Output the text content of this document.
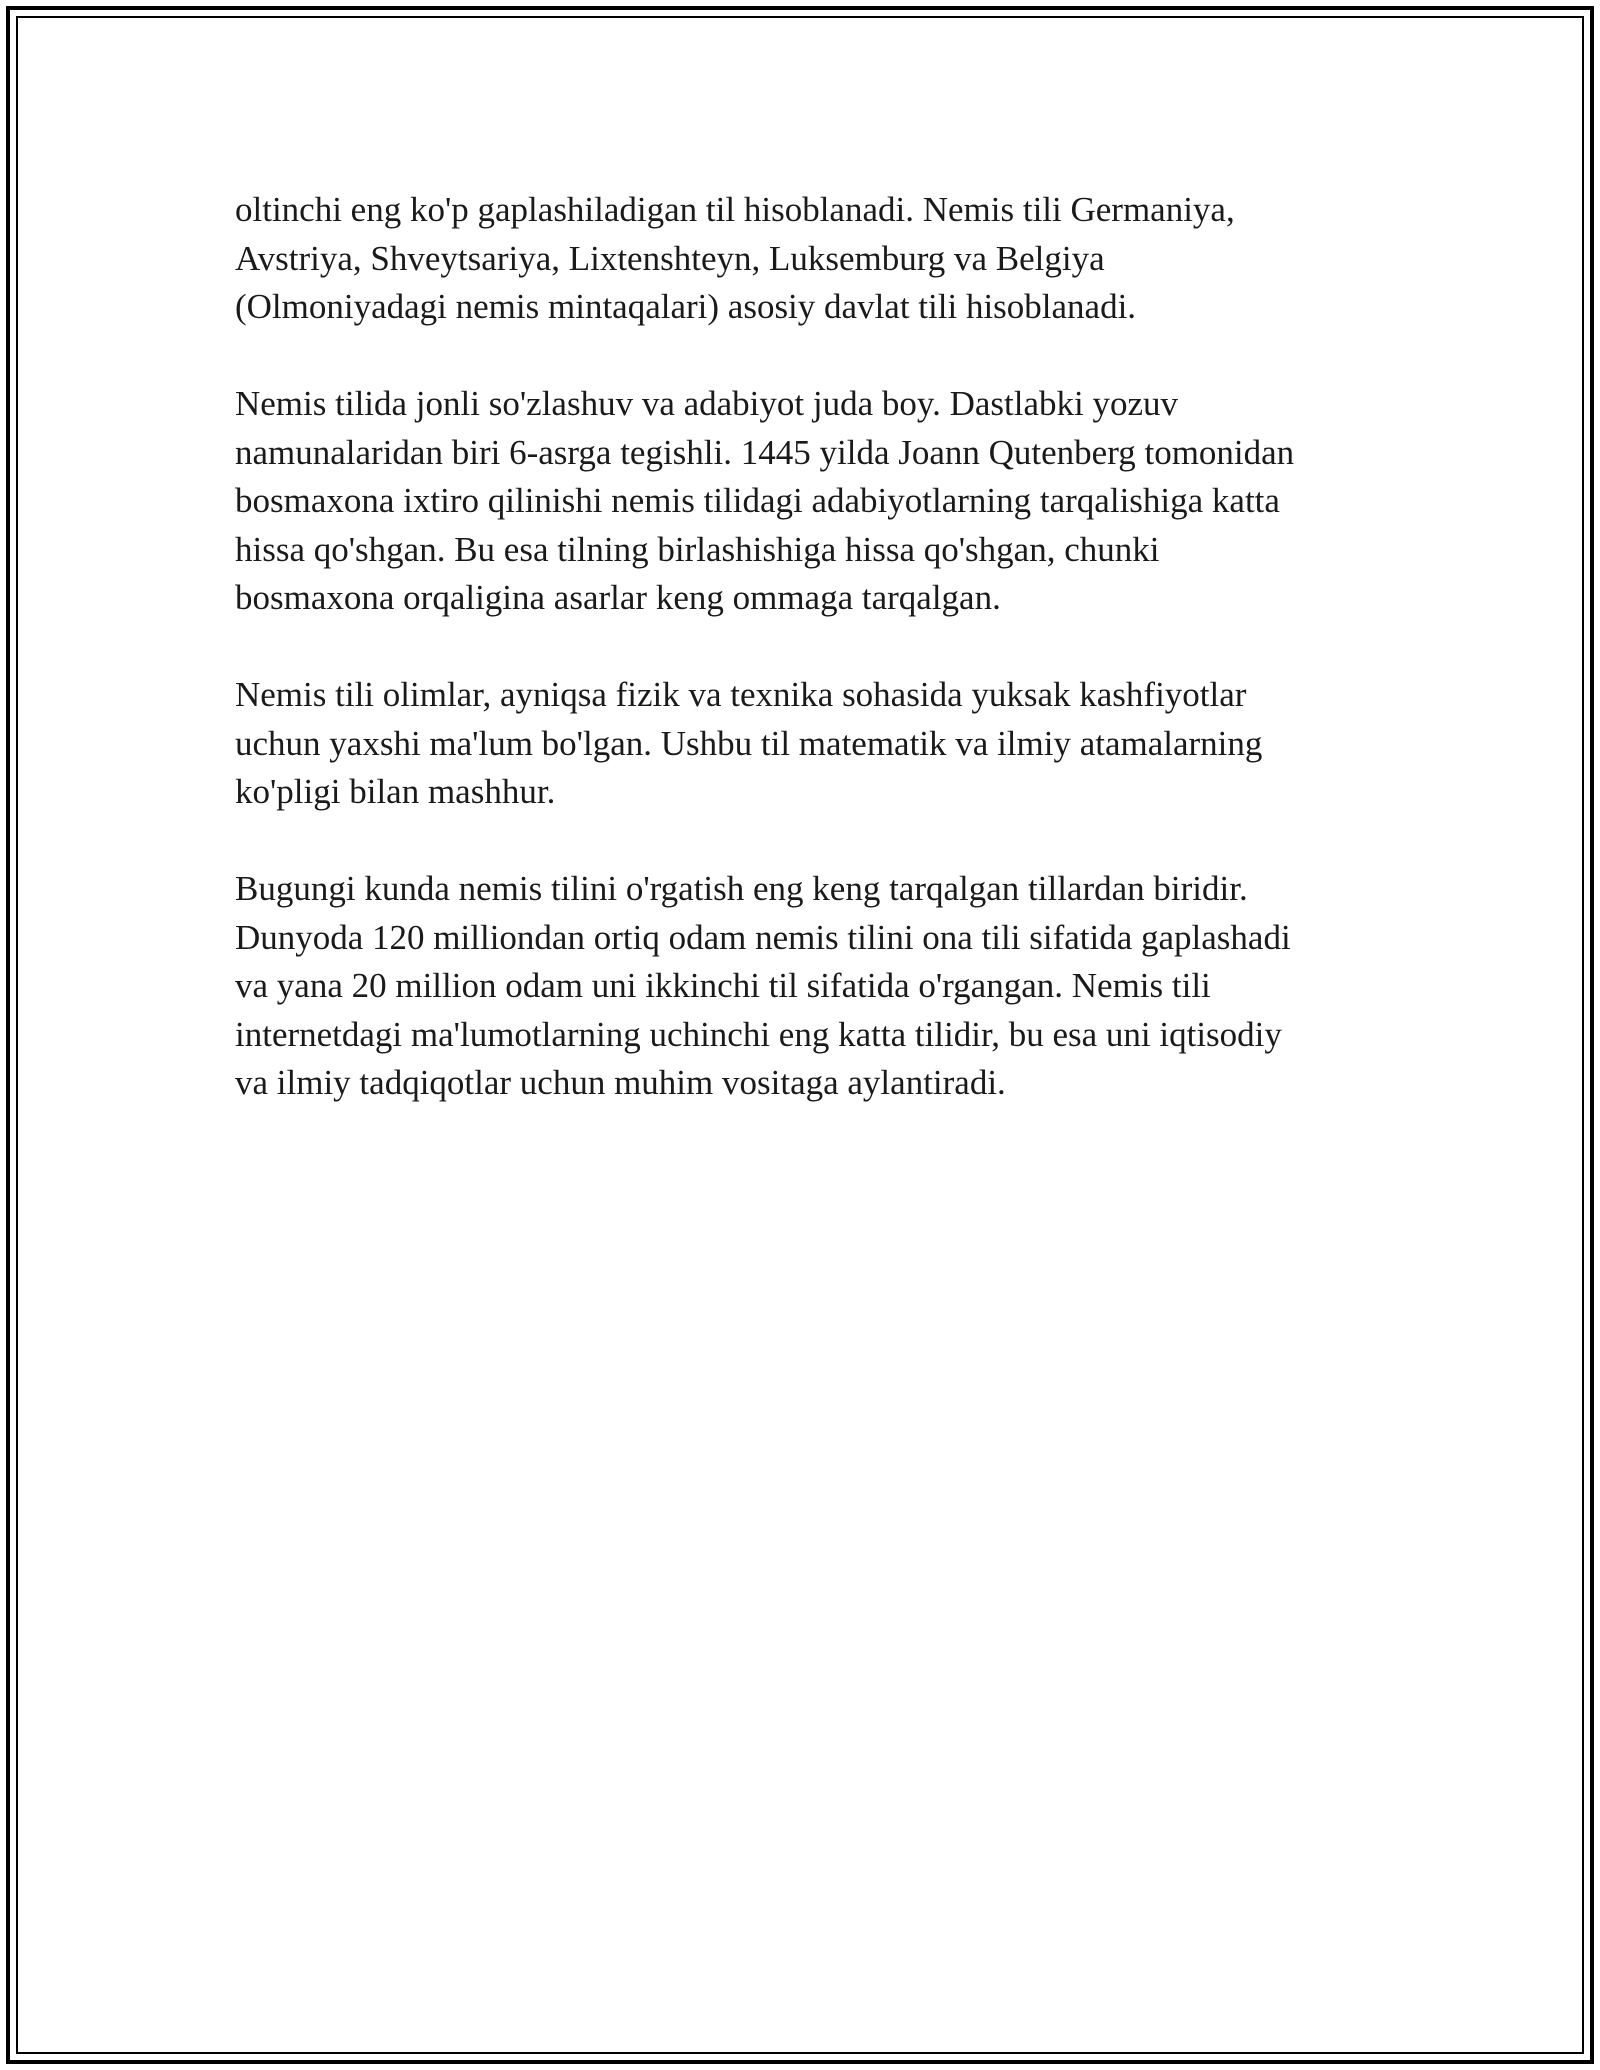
oltinchi eng ko'p gaplashiladigan til hisoblanadi. Nemis tili Germaniya,
Avstriya, Shveytsariya, Lixtenshteyn, Luksemburg va Belgiya
(Olmoniyadagi nemis mintaqalari) asosiy davlat tili hisoblanadi.

Nemis tilida jonli so'zlashuv va adabiyot juda boy. Dastlabki yozuv
namunalaridan biri 6-asrga tegishli. 1445 yilda Joann Qutenberg tomonidan
bosmaxona ixtiro qilinishi nemis tilidagi adabiyotlarning tarqalishiga katta
hissa qo'shgan. Bu esa tilning birlashishiga hissa qo'shgan, chunki
bosmaxona orqaligina asarlar keng ommaga tarqalgan.

Nemis tili olimlar, ayniqsa fizik va texnika sohasida yuksak kashfiyotlar
uchun yaxshi ma'lum bo'lgan. Ushbu til matematik va ilmiy atamalarning
ko'pligi bilan mashhur.

Bugungi kunda nemis tilini o'rgatish eng keng tarqalgan tillardan biridir.
Dunyoda 120 milliondan ortiq odam nemis tilini ona tili sifatida gaplashadi
va yana 20 million odam uni ikkinchi til sifatida o'rgangan. Nemis tili
internetdagi ma'lumotlarning uchinchi eng katta tilidir, bu esa uni iqtisodiy
va ilmiy tadqiqotlar uchun muhim vositaga aylantiradi.
